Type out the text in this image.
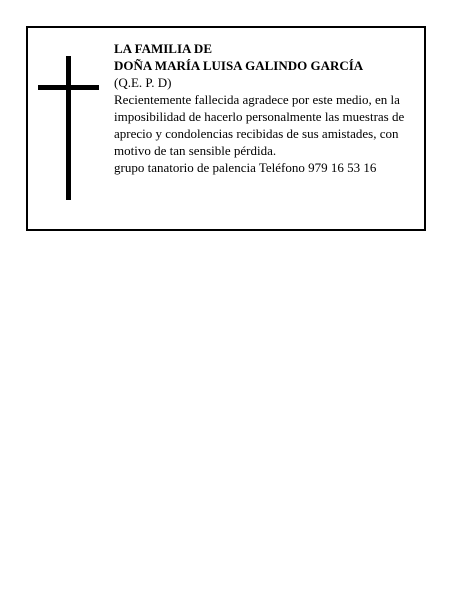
LA FAMILIA DE
DOÑA MARÍA LUISA GALINDO GARCÍA
(Q.E. P. D)
Recientemente fallecida agradece por este medio, en la imposibilidad de hacerlo personalmente las muestras de aprecio y condolencias recibidas de sus amistades, con motivo de tan sensible pérdida.
grupo tanatorio de palencia Teléfono 979 16 53 16
